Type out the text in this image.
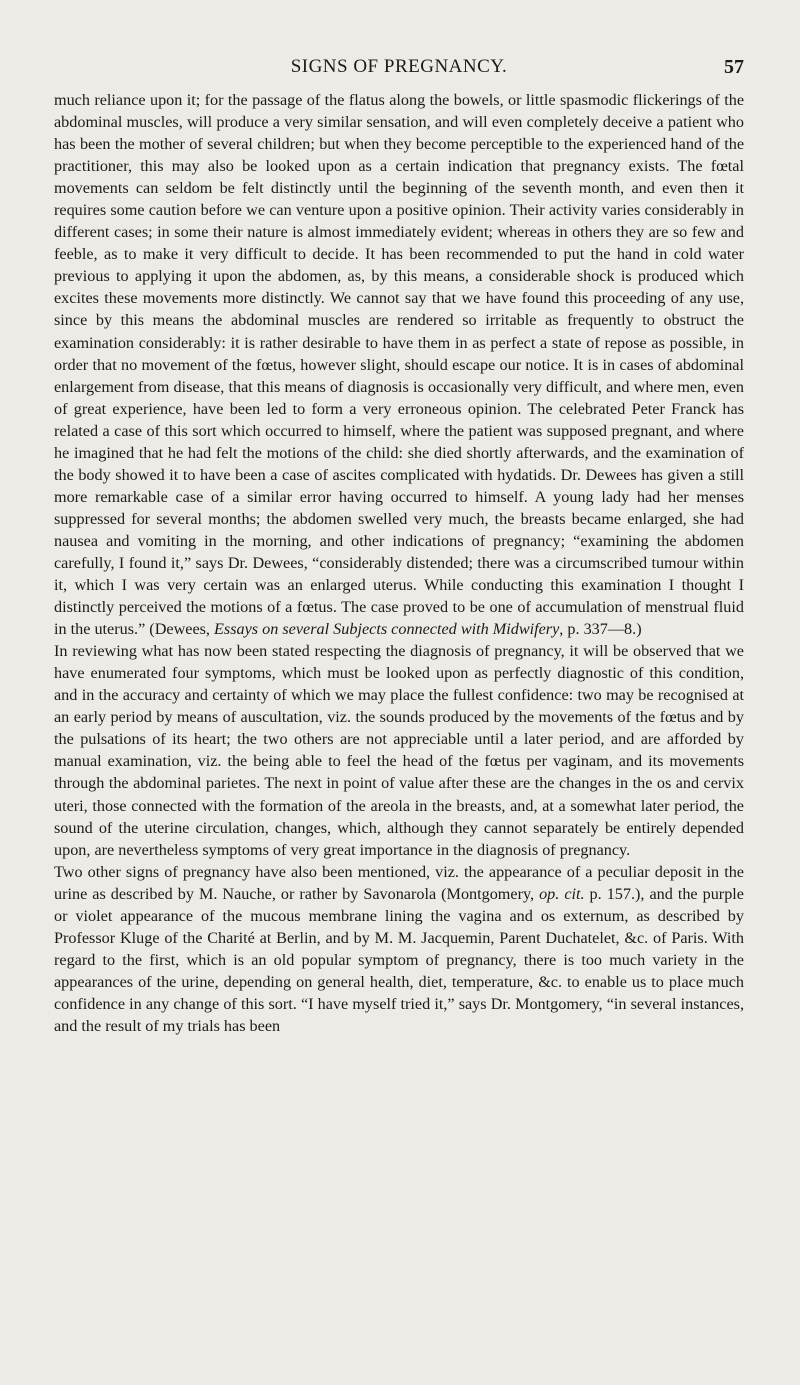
SIGNS OF PREGNANCY.	57

much reliance upon it; for the passage of the flatus along the bowels, or little spasmodic flickerings of the abdominal muscles, will produce a very similar sensation, and will even completely deceive a patient who has been the mother of several children; but when they become perceptible to the experienced hand of the practitioner, this may also be looked upon as a certain indication that pregnancy exists. The fœtal movements can seldom be felt distinctly until the beginning of the seventh month, and even then it requires some caution before we can venture upon a positive opinion. Their activity varies considerably in different cases; in some their nature is almost immediately evident; whereas in others they are so few and feeble, as to make it very difficult to decide. It has been recommended to put the hand in cold water previous to applying it upon the abdomen, as, by this means, a considerable shock is produced which excites these movements more distinctly. We cannot say that we have found this proceeding of any use, since by this means the abdominal muscles are rendered so irritable as frequently to obstruct the examination considerably: it is rather desirable to have them in as perfect a state of repose as possible, in order that no movement of the fœtus, however slight, should escape our notice. It is in cases of abdominal enlargement from disease, that this means of diagnosis is occasionally very difficult, and where men, even of great experience, have been led to form a very erroneous opinion. The celebrated Peter Franck has related a case of this sort which occurred to himself, where the patient was supposed pregnant, and where he imagined that he had felt the motions of the child: she died shortly afterwards, and the examination of the body showed it to have been a case of ascites complicated with hydatids. Dr. Dewees has given a still more remarkable case of a similar error having occurred to himself. A young lady had her menses suppressed for several months; the abdomen swelled very much, the breasts became enlarged, she had nausea and vomiting in the morning, and other indications of pregnancy; “examining the abdomen carefully, I found it,” says Dr. Dewees, “considerably distended; there was a circumscribed tumour within it, which I was very certain was an enlarged uterus. While conducting this examination I thought I distinctly perceived the motions of a fœtus. The case proved to be one of accumulation of menstrual fluid in the uterus.” (Dewees, Essays on several Subjects connected with Midwifery, p. 337—8.)

In reviewing what has now been stated respecting the diagnosis of pregnancy, it will be observed that we have enumerated four symptoms, which must be looked upon as perfectly diagnostic of this condition, and in the accuracy and certainty of which we may place the fullest confidence: two may be recognised at an early period by means of auscultation, viz. the sounds produced by the movements of the fœtus and by the pulsations of its heart; the two others are not appreciable until a later period, and are afforded by manual examination, viz. the being able to feel the head of the fœtus per vaginam, and its movements through the abdominal parietes. The next in point of value after these are the changes in the os and cervix uteri, those connected with the formation of the areola in the breasts, and, at a somewhat later period, the sound of the uterine circulation, changes, which, although they cannot separately be entirely depended upon, are nevertheless symptoms of very great importance in the diagnosis of pregnancy.

Two other signs of pregnancy have also been mentioned, viz. the appearance of a peculiar deposit in the urine as described by M. Nauche, or rather by Savonarola (Montgomery, op. cit. p. 157.), and the purple or violet appearance of the mucous membrane lining the vagina and os externum, as described by Professor Kluge of the Charité at Berlin, and by M. M. Jacquemin, Parent Duchatelet, &c. of Paris. With regard to the first, which is an old popular symptom of pregnancy, there is too much variety in the appearances of the urine, depending on general health, diet, temperature, &c. to enable us to place much confidence in any change of this sort. “I have myself tried it,” says Dr. Montgomery, “in several instances, and the result of my trials has been
